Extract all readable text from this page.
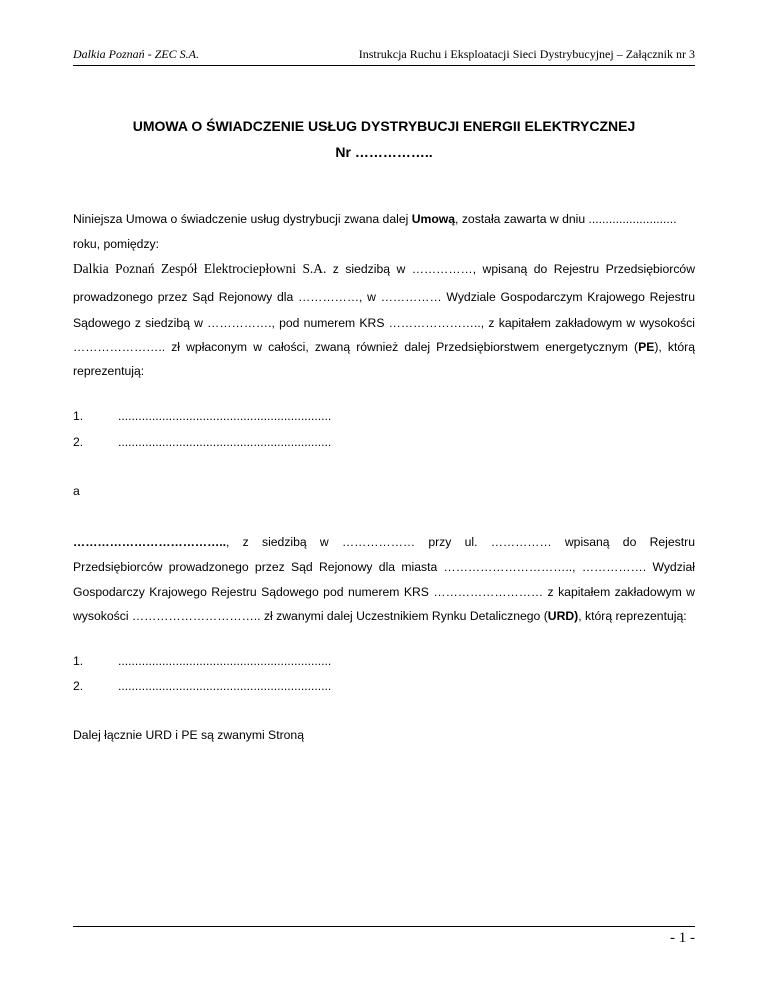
Dalkia Poznań - ZEC S.A.	Instrukcja Ruchu i Eksploatacji Sieci Dystrybucyjnej – Załącznik nr 3
UMOWA O ŚWIADCZENIE USŁUG DYSTRYBUCJI ENERGII ELEKTRYCZNEJ
Nr ……………..
Niniejsza Umowa o świadczenie usług dystrybucji zwana dalej Umową, została zawarta w dniu ..........................
roku, pomiędzy:
Dalkia Poznań Zespół Elektrociepłowni S.A. z siedzibą w ……………, wpisaną do Rejestru Przedsiębiorców
prowadzonego przez Sąd Rejonowy dla ……………, w …………… Wydziale Gospodarczym Krajowego Rejestru
Sądowego z siedzibą w ……………., pod numerem KRS ………………….., z kapitałem zakładowym w wysokości
………………….. zł wpłaconym w całości, zwaną również dalej Przedsiębiorstwem energetycznym (PE), którą
reprezentują:
1.	...............................................................
2.	...............................................................
a
……………………………….., z siedzibą w ……………… przy ul. …………… wpisaną do Rejestru
Przedsiębiorców prowadzonego przez Sąd Rejonowy dla miasta ………………………….., ……………. Wydział
Gospodarczy Krajowego Rejestru Sądowego pod numerem KRS ……………………… z kapitałem zakładowym w
wysokości ………………………….. zł zwanymi dalej Uczestnikiem Rynku Detalicznego (URD), którą reprezentują:
1.	...............................................................
2.	...............................................................
Dalej łącznie URD i PE są zwanymi Stroną
- 1 -
